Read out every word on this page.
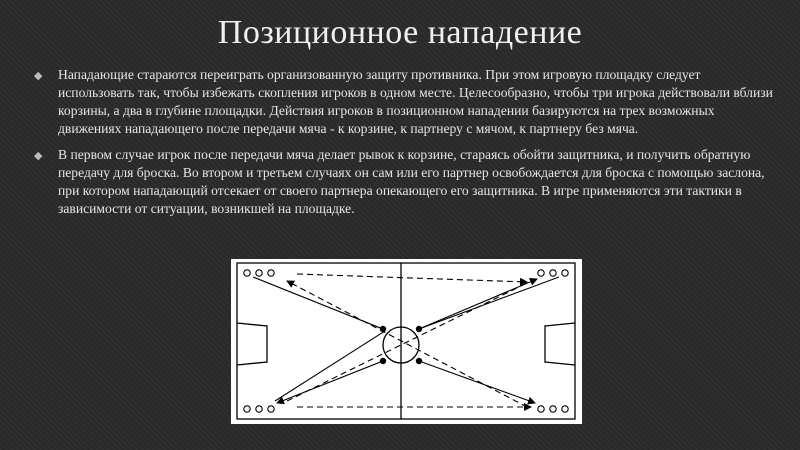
Позиционное нападение
◆ Нападающие стараются переиграть организованную защиту противника. При этом игровую площадку следует использовать так, чтобы избежать скопления игроков в одном месте. Целесообразно, чтобы три игрока действовали вблизи корзины, а два в глубине площадки. Действия игроков в позиционном нападении базируются на трех возможных движениях нападающего после передачи мяча - к корзине, к партнеру с мячом, к партнеру без мяча.
◆ В первом случае игрок после передачи мяча делает рывок к корзине, стараясь обойти защитника, и получить обратную передачу для броска. Во втором и третьем случаях он сам или его партнер освобождается для броска с помощью заслона, при котором нападающий отсекает от своего партнера опекающего его защитника. В игре применяются эти тактики в зависимости от ситуации, возникшей на площадке.
